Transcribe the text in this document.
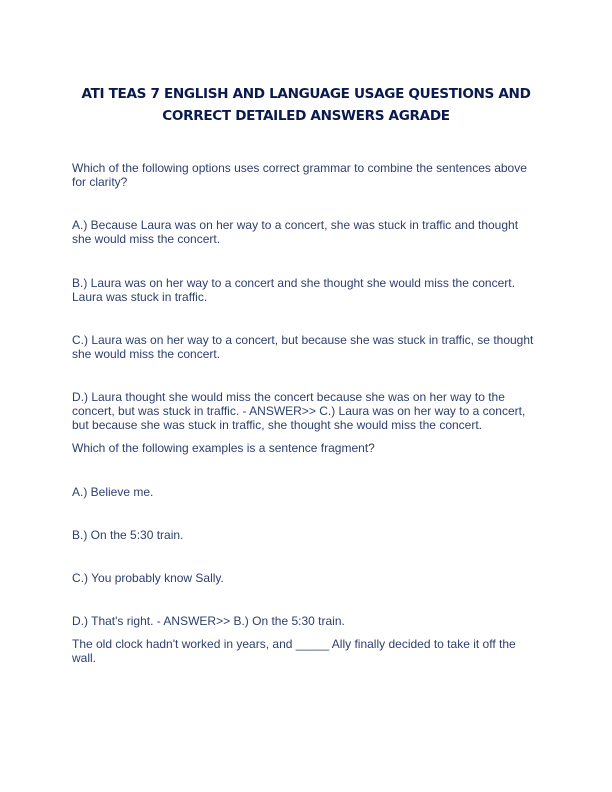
ATI TEAS 7 ENGLISH AND LANGUAGE USAGE QUESTIONS AND
CORRECT DETAILED ANSWERS AGRADE
Which of the following options uses correct grammar to combine the sentences above
for clarity?
A.) Because Laura was on her way to a concert, she was stuck in traffic and thought
she would miss the concert.
B.) Laura was on her way to a concert and she thought she would miss the concert.
Laura was stuck in traffic.
C.) Laura was on her way to a concert, but because she was stuck in traffic, se thought
she would miss the concert.
D.) Laura thought she would miss the concert because she was on her way to the
concert, but was stuck in traffic. - ANSWER>> C.) Laura was on her way to a concert,
but because she was stuck in traffic, she thought she would miss the concert.
Which of the following examples is a sentence fragment?
A.) Believe me.
B.) On the 5:30 train.
C.) You probably know Sally.
D.) That's right. - ANSWER>> B.) On the 5:30 train.
The old clock hadn't worked in years, and _____ Ally finally decided to take it off the
wall.
